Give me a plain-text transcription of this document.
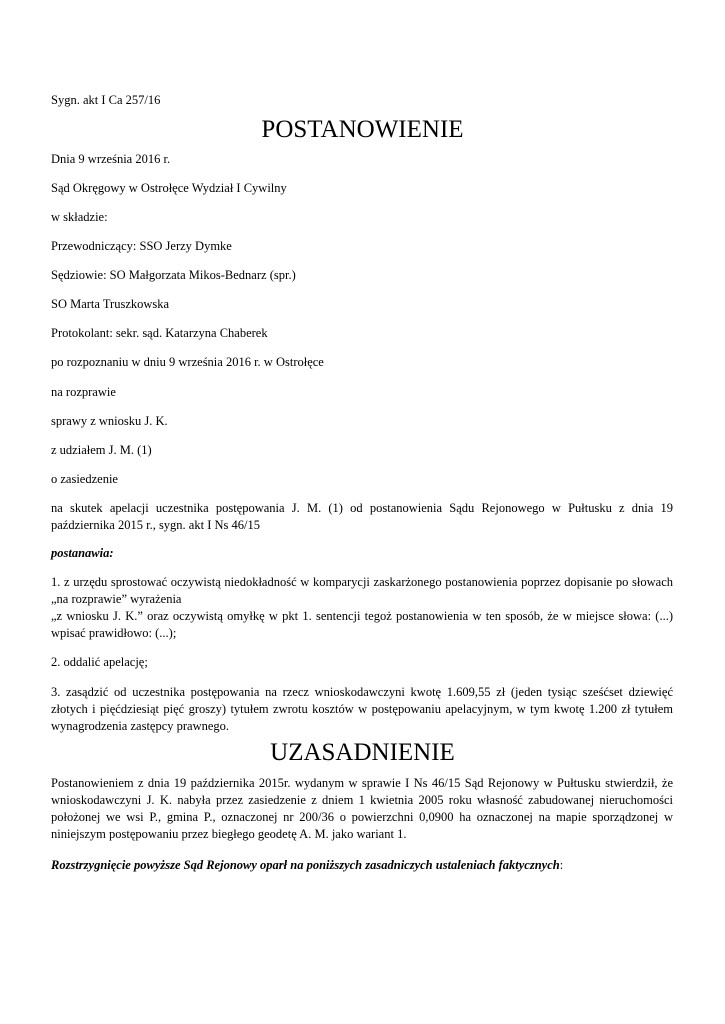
Sygn. akt I Ca 257/16

POSTANOWIENIE

Dnia 9 września 2016 r.

Sąd Okręgowy w Ostrołęce Wydział I Cywilny

w składzie:

Przewodniczący: SSO Jerzy Dymke

Sędziowie: SO Małgorzata Mikos-Bednarz (spr.)

SO Marta Truszkowska

Protokolant: sekr. sąd. Katarzyna Chaberek

po rozpoznaniu w dniu 9 września 2016 r. w Ostrołęce

na rozprawie

sprawy z wniosku J. K.

z udziałem J. M. (1)

o zasiedzenie

na skutek apelacji uczestnika postępowania J. M. (1) od postanowienia Sądu Rejonowego w Pułtusku z dnia 19 października 2015 r., sygn. akt I Ns 46/15

postanawia:

1. z urzędu sprostować oczywistą niedokładność w komparycji zaskarżonego postanowienia poprzez dopisanie po słowach „na rozprawie” wyrażenia

„z wniosku J. K.” oraz oczywistą omyłkę w pkt 1. sentencji tegoż postanowienia w ten sposób, że w miejsce słowa: (...) wpisać prawidłowo: (...);

2. oddalić apelację;

3. zasądzić od uczestnika postępowania na rzecz wnioskodawczyni kwotę 1.609,55 zł (jeden tysiąc sześćset dziewięć złotych i pięćdziesiąt pięć groszy) tytułem zwrotu kosztów w postępowaniu apelacyjnym, w tym kwotę 1.200 zł tytułem wynagrodzenia zastępcy prawnego.

UZASADNIENIE

Postanowieniem z dnia 19 października 2015r. wydanym w sprawie I Ns 46/15 Sąd Rejonowy w Pułtusku stwierdził, że wnioskodawczyni J. K. nabyła przez zasiedzenie z dniem 1 kwietnia 2005 roku własność zabudowanej nieruchomości położonej we wsi P., gmina P., oznaczonej nr 200/36 o powierzchni 0,0900 ha oznaczonej na mapie sporządzonej w niniejszym postępowaniu przez biegłego geodetę A. M. jako wariant 1.

Rozstrzygnięcie powyższe Sąd Rejonowy oparł na poniższych zasadniczych ustaleniach faktycznych:
